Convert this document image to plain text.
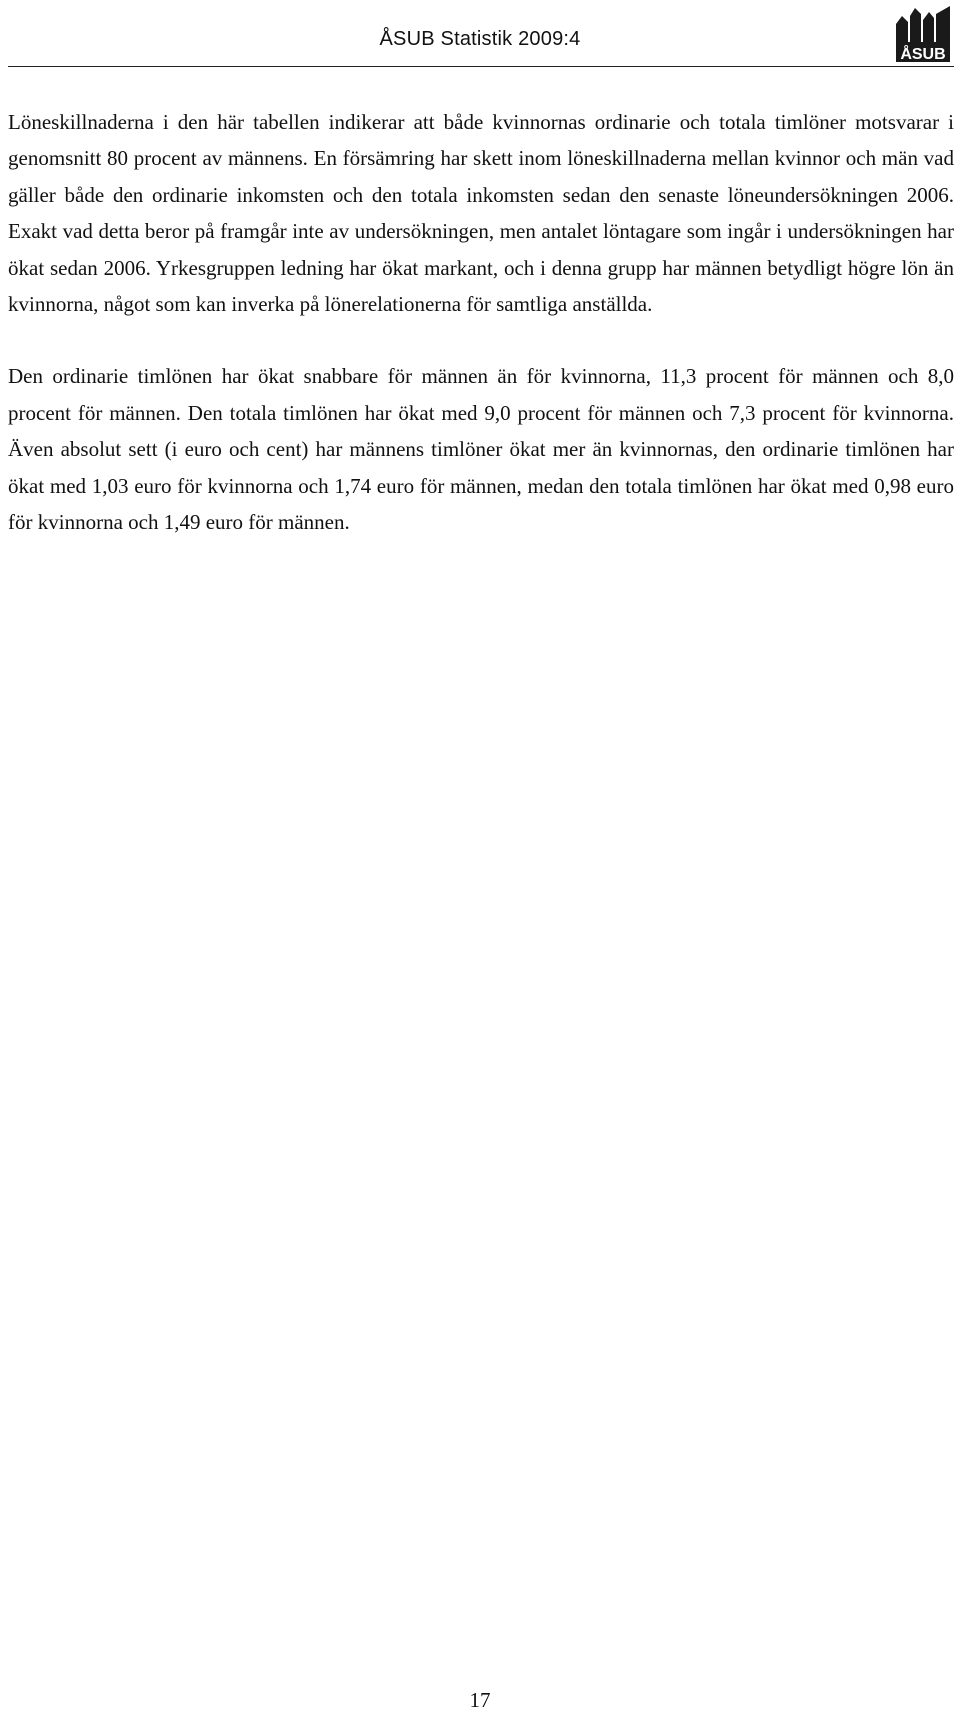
ÅSUB Statistik 2009:4
ÅSUB

Löneskillnaderna i den här tabellen indikerar att både kvinnornas ordinarie och totala timlöner motsvarar i genomsnitt 80 procent av männens. En försämring har skett inom löneskillnaderna mellan kvinnor och män vad gäller både den ordinarie inkomsten och den totala inkomsten sedan den senaste löneundersökningen 2006. Exakt vad detta beror på framgår inte av undersökningen, men antalet löntagare som ingår i undersökningen har ökat sedan 2006. Yrkesgruppen ledning har ökat markant, och i denna grupp har männen betydligt högre lön än kvinnorna, något som kan inverka på lönerelationerna för samtliga anställda.

Den ordinarie timlönen har ökat snabbare för männen än för kvinnorna, 11,3 procent för männen och 8,0 procent för männen. Den totala timlönen har ökat med 9,0 procent för männen och 7,3 procent för kvinnorna. Även absolut sett (i euro och cent) har männens timlöner ökat mer än kvinnornas, den ordinarie timlönen har ökat med 1,03 euro för kvinnorna och 1,74 euro för männen, medan den totala timlönen har ökat med 0,98 euro för kvinnorna och 1,49 euro för männen.

17
